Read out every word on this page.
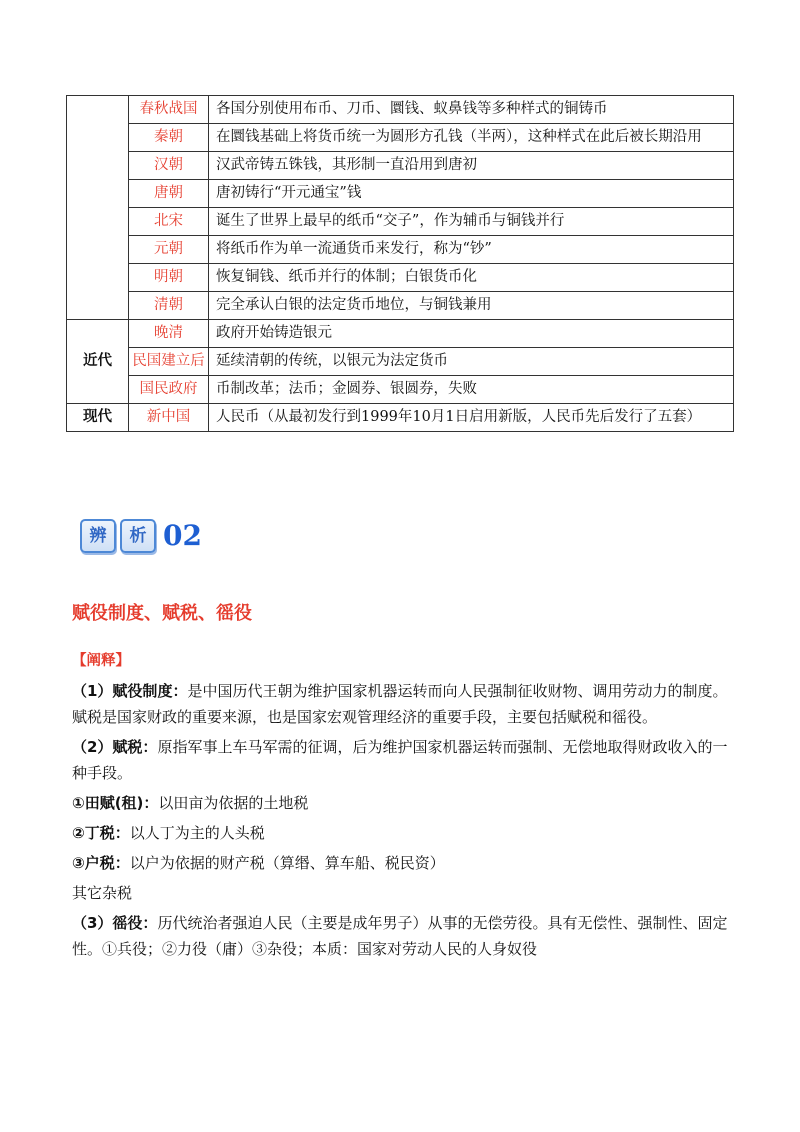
	春秋战国	各国分别使用布币、刀币、圜钱、蚁鼻钱等多种样式的铜铸币
	秦朝	在圜钱基础上将货币统一为圆形方孔钱（半两），这种样式在此后被长期沿用
	汉朝	汉武帝铸五铢钱，其形制一直沿用到唐初
	唐朝	唐初铸行“开元通宝”钱
	北宋	诞生了世界上最早的纸币“交子”，作为辅币与铜钱并行
	元朝	将纸币作为单一流通货币来发行，称为“钞”
	明朝	恢复铜钱、纸币并行的体制；白银货币化
	清朝	完全承认白银的法定货币地位，与铜钱兼用
近代	晚清	政府开始铸造银元
	民国建立后	延续清朝的传统，以银元为法定货币
	国民政府	币制改革；法币；金圆券、银圆券，失败
现代	新中国	人民币（从最初发行到1999年10月1日启用新版，人民币先后发行了五套）
辨	析 02
赋役制度、赋税、徭役
【阐释】

（1）赋役制度：是中国历代王朝为维护国家机器运转而向人民强制征收财物、调用劳动力的制度。赋税是国家财政的重要来源，也是国家宏观管理经济的重要手段，主要包括赋税和徭役。

（2）赋税：原指军事上车马军需的征调，后为维护国家机器运转而强制、无偿地取得财政收入的一种手段。

①田赋(租)：以田亩为依据的土地税

②丁税：以人丁为主的人头税

③户税：以户为依据的财产税（算缗、算车船、税民资）

其它杂税

（3）徭役：历代统治者强迫人民（主要是成年男子）从事的无偿劳役。具有无偿性、强制性、固定性。①兵役；②力役（庸）③杂役；本质：国家对劳动人民的人身奴役
